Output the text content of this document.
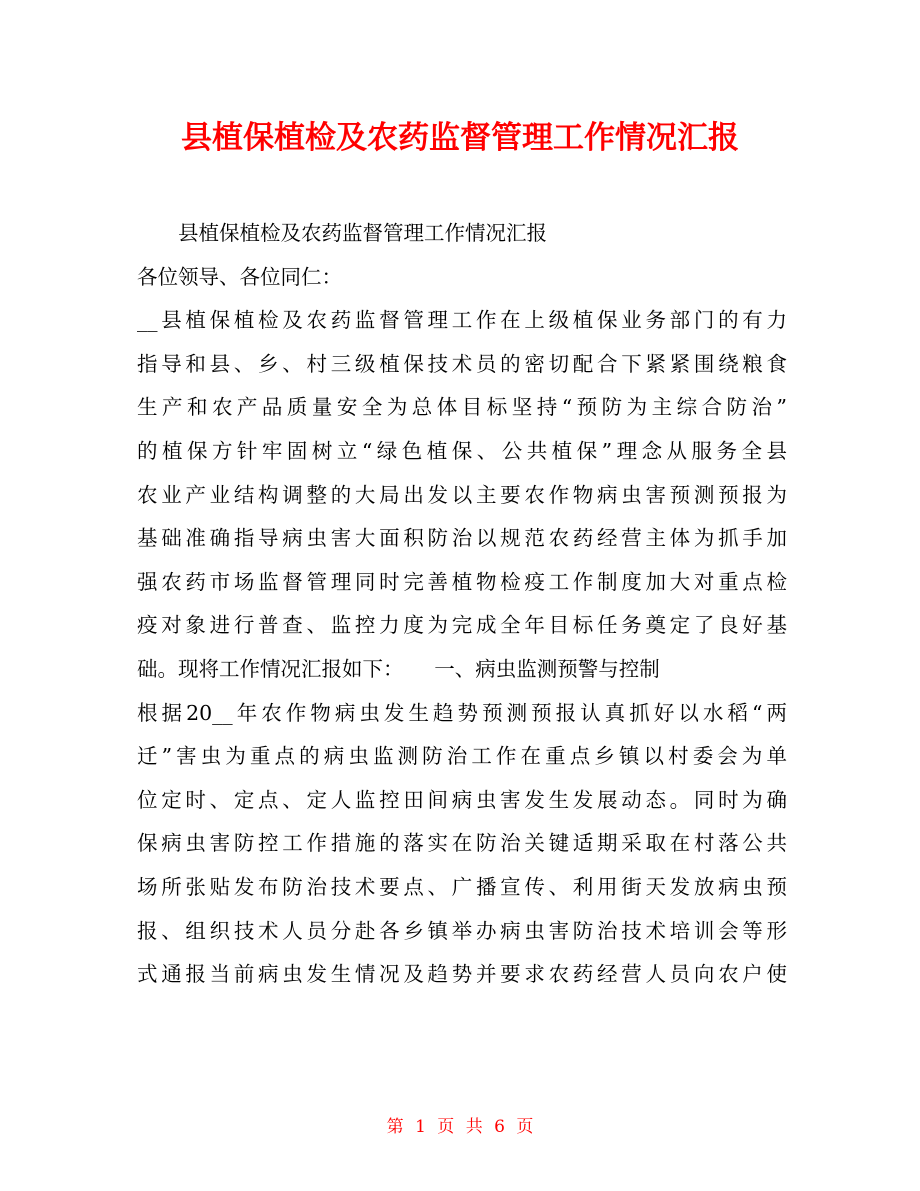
县植保植检及农药监督管理工作情况汇报
　　县植保植检及农药监督管理工作情况汇报
各位领导、各位同仁：
__县植保植检及农药监督管理工作在上级植保业务部门的有力
指导和县、乡、村三级植保技术员的密切配合下紧紧围绕粮食
生产和农产品质量安全为总体目标坚持“预防为主综合防治”
的植保方针牢固树立“绿色植保、公共植保”理念从服务全县
农业产业结构调整的大局出发以主要农作物病虫害预测预报为
基础准确指导病虫害大面积防治以规范农药经营主体为抓手加
强农药市场监督管理同时完善植物检疫工作制度加大对重点检
疫对象进行普查、监控力度为完成全年目标任务奠定了良好基
础。现将工作情况汇报如下：　　一、病虫监测预警与控制
根据20__年农作物病虫发生趋势预测预报认真抓好以水稻“两
迁”害虫为重点的病虫监测防治工作在重点乡镇以村委会为单
位定时、定点、定人监控田间病虫害发生发展动态。同时为确
保病虫害防控工作措施的落实在防治关键适期采取在村落公共
场所张贴发布防治技术要点、广播宣传、利用街天发放病虫预
报、组织技术人员分赴各乡镇举办病虫害防治技术培训会等形
式通报当前病虫发生情况及趋势并要求农药经营人员向农户使
第 1 页 共 6 页
